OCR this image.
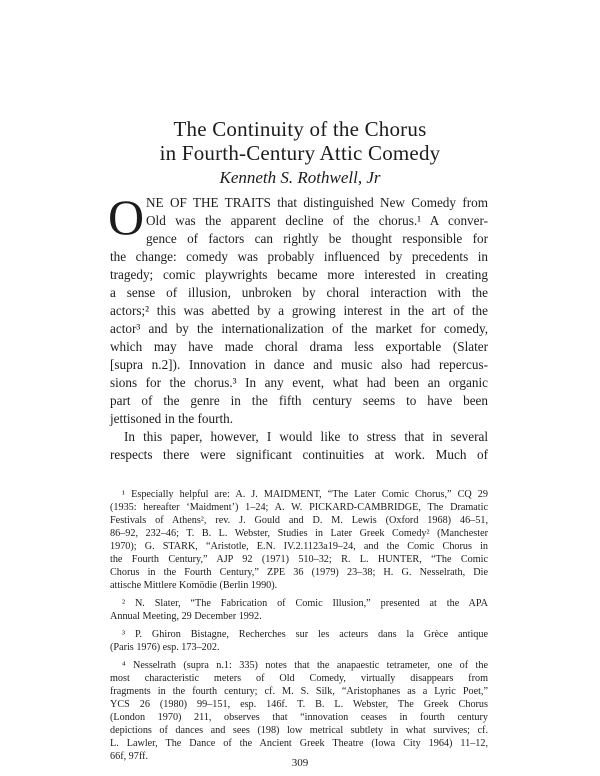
The Continuity of the Chorus
in Fourth-Century Attic Comedy
Kenneth S. Rothwell, Jr
O NE OF THE TRAITS that distinguished New Comedy from
Old was the apparent decline of the chorus.¹ A conver-
gence of factors can rightly be thought responsible for
the change: comedy was probably influenced by precedents in
tragedy; comic playwrights became more interested in creating
a sense of illusion, unbroken by choral interaction with the
actors;² this was abetted by a growing interest in the art of the
actor³ and by the internationalization of the market for comedy,
which may have made choral drama less exportable (Slater
[supra n.2]). Innovation in dance and music also had repercus-
sions for the chorus.³ In any event, what had been an organic
part of the genre in the fifth century seems to have been
jettisoned in the fourth.
In this paper, however, I would like to stress that in several
respects there were significant continuities at work. Much of
¹ Especially helpful are: A. J. MAIDMENT, “The Later Comic Chorus,” CQ 29
(1935: hereafter ‘Maidment’) 1–24; A. W. PICKARD-CAMBRIDGE, The Dramatic
Festivals of Athens², rev. J. Gould and D. M. Lewis (Oxford 1968) 46–51,
86–92, 232–46; T. B. L. Webster, Studies in Later Greek Comedy² (Manchester
1970); G. STARK, “Aristotle, E.N. IV.2.1123a19–24, and the Comic Chorus in
the Fourth Century,” AJP 92 (1971) 510–32; R. L. HUNTER, “The Comic
Chorus in the Fourth Century,” ZPE 36 (1979) 23–38; H. G. Nesselrath, Die
attische Mittlere Komödie (Berlin 1990).
² N. Slater, “The Fabrication of Comic Illusion,” presented at the APA
Annual Meeting, 29 December 1992.
³ P. Ghiron Bistagne, Recherches sur les acteurs dans la Grèce antique
(Paris 1976) esp. 173–202.
⁴ Nesselrath (supra n.1: 335) notes that the anapaestic tetrameter, one of the
most characteristic meters of Old Comedy, virtually disappears from
fragments in the fourth century; cf. M. S. Silk, “Aristophanes as a Lyric Poet,”
YCS 26 (1980) 99–151, esp. 146f. T. B. L. Webster, The Greek Chorus
(London 1970) 211, observes that “innovation ceases in fourth century
depictions of dances and sees (198) low metrical subtlety in what survives; cf.
L. Lawler, The Dance of the Ancient Greek Theatre (Iowa City 1964) 11–12,
66f, 97ff.
309
